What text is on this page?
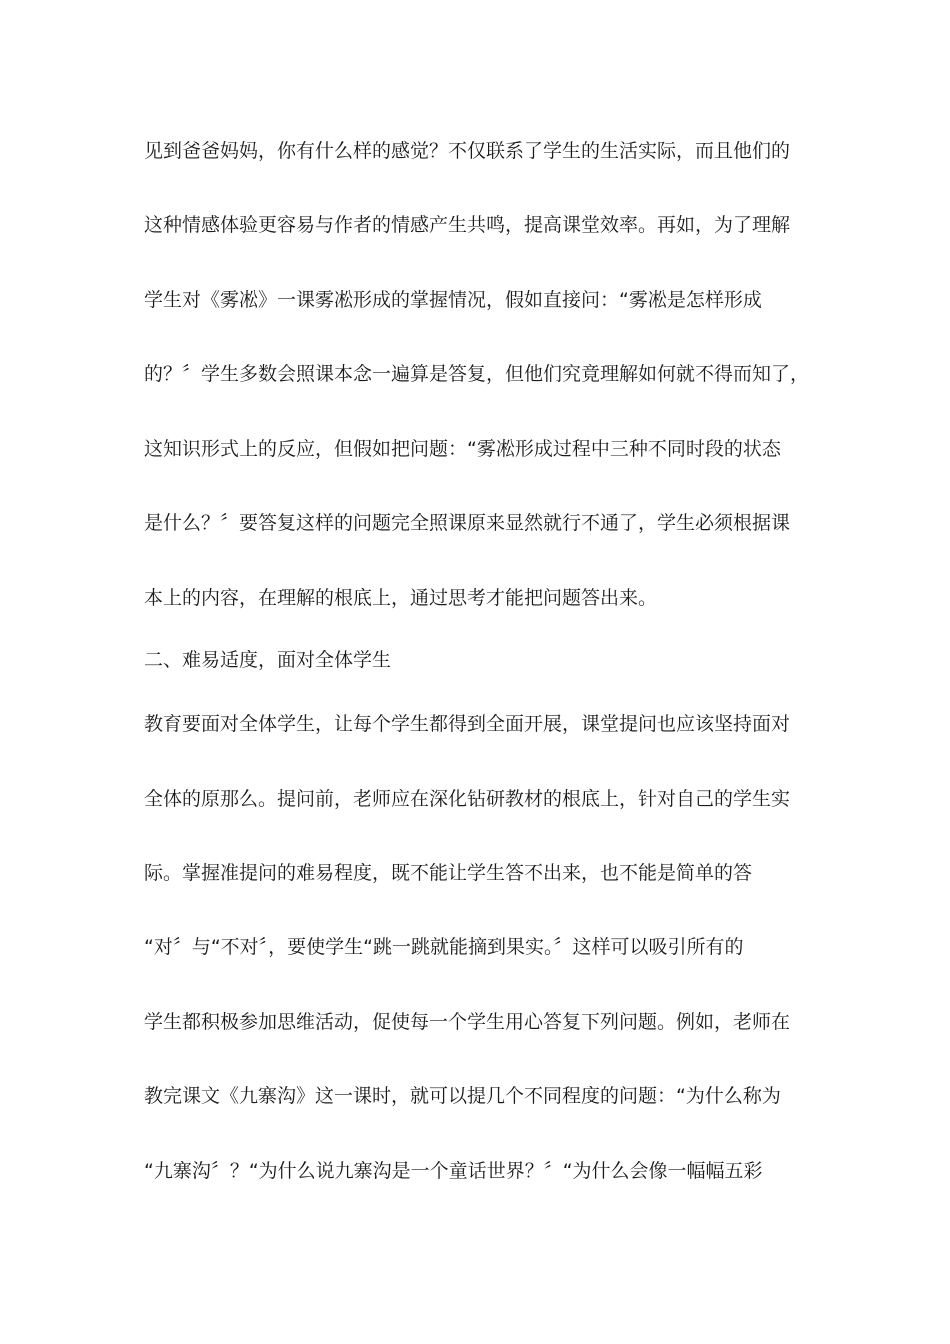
见到爸爸妈妈，你有什么样的感觉？不仅联系了学生的生活实际，而且他们的
这种情感体验更容易与作者的情感产生共鸣，提高课堂效率。再如，为了理解
学生对《雾凇》一课雾凇形成的掌握情况，假如直接问：“雾凇是怎样形成
的？〞学生多数会照课本念一遍算是答复，但他们究竟理解如何就不得而知了，
这知识形式上的反应，但假如把问题：“雾凇形成过程中三种不同时段的状态
是什么？〞要答复这样的问题完全照课原来显然就行不通了，学生必须根据课
本上的内容，在理解的根底上，通过思考才能把问题答出来。
二、难易适度，面对全体学生
教育要面对全体学生，让每个学生都得到全面开展，课堂提问也应该坚持面对
全体的原那么。提问前，老师应在深化钻研教材的根底上，针对自己的学生实
际。掌握准提问的难易程度，既不能让学生答不出来，也不能是简单的答
“对〞与“不对〞，要使学生“跳一跳就能摘到果实。〞这样可以吸引所有的
学生都积极参加思维活动，促使每一个学生用心答复下列问题。例如，老师在
教完课文《九寨沟》这一课时，就可以提几个不同程度的问题：“为什么称为
“九寨沟〞？“为什么说九寨沟是一个童话世界？〞“为什么会像一幅幅五彩
